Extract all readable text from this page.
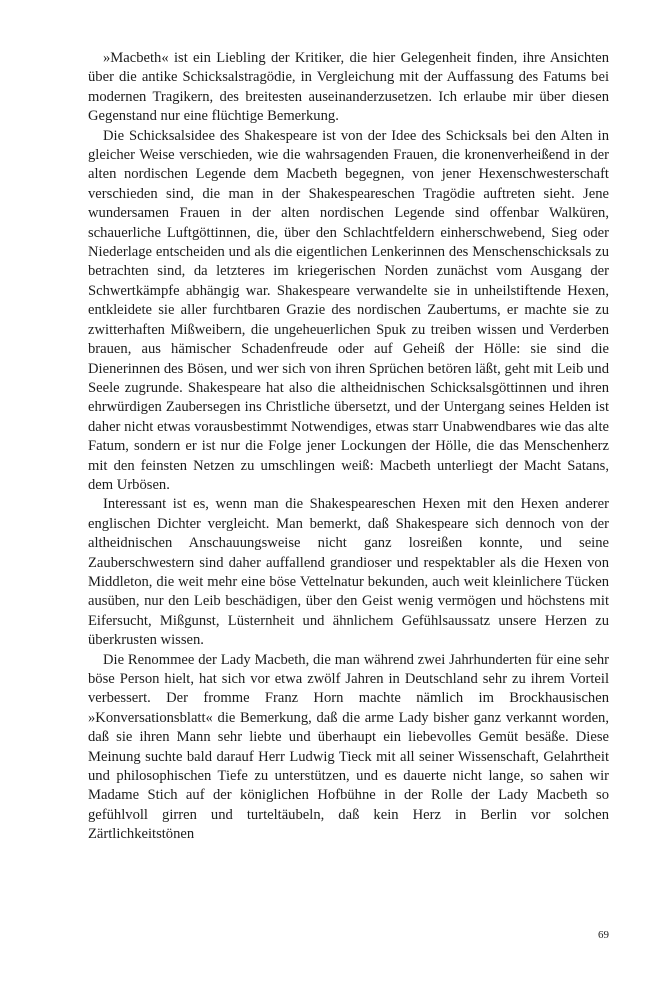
»Macbeth« ist ein Liebling der Kritiker, die hier Gelegenheit finden, ihre Ansichten über die antike Schicksalstragödie, in Vergleichung mit der Auffassung des Fatums bei modernen Tragikern, des breitesten auseinanderzusetzen. Ich erlaube mir über diesen Gegenstand nur eine flüchtige Bemerkung.

Die Schicksalsidee des Shakespeare ist von der Idee des Schicksals bei den Alten in gleicher Weise verschieden, wie die wahrsagenden Frauen, die kronenverheißend in der alten nordischen Legende dem Macbeth begegnen, von jener Hexenschwesterschaft verschieden sind, die man in der Shakespeareschen Tragödie auftreten sieht. Jene wundersamen Frauen in der alten nordischen Legende sind offenbar Walküren, schauerliche Luftgöttinnen, die, über den Schlachtfeldern einherschwebend, Sieg oder Niederlage entscheiden und als die eigentlichen Lenkerinnen des Menschenschicksals zu betrachten sind, da letzteres im kriegerischen Norden zunächst vom Ausgang der Schwertkämpfe abhängig war. Shakespeare verwandelte sie in unheilstiftende Hexen, entkleidete sie aller furchtbaren Grazie des nordischen Zaubertums, er machte sie zu zwitterhaften Mißweibern, die ungeheuerlichen Spuk zu treiben wissen und Verderben brauen, aus hämischer Schadenfreude oder auf Geheiß der Hölle: sie sind die Dienerinnen des Bösen, und wer sich von ihren Sprüchen betören läßt, geht mit Leib und Seele zugrunde. Shakespeare hat also die altheidnischen Schicksalsgöttinnen und ihren ehrwürdigen Zaubersegen ins Christliche übersetzt, und der Untergang seines Helden ist daher nicht etwas vorausbestimmt Notwendiges, etwas starr Unabwendbares wie das alte Fatum, sondern er ist nur die Folge jener Lockungen der Hölle, die das Menschenherz mit den feinsten Netzen zu umschlingen weiß: Macbeth unterliegt der Macht Satans, dem Urbösen.

Interessant ist es, wenn man die Shakespeareschen Hexen mit den Hexen anderer englischen Dichter vergleicht. Man bemerkt, daß Shakespeare sich dennoch von der altheidnischen Anschauungsweise nicht ganz losreißen konnte, und seine Zauberschwestern sind daher auffallend grandioser und respektabler als die Hexen von Middleton, die weit mehr eine böse Vettelnatur bekunden, auch weit kleinlichere Tücken ausüben, nur den Leib beschädigen, über den Geist wenig vermögen und höchstens mit Eifersucht, Mißgunst, Lüsternheit und ähnlichem Gefühlsaussatz unsere Herzen zu überkrusten wissen.

Die Renommee der Lady Macbeth, die man während zwei Jahrhunderten für eine sehr böse Person hielt, hat sich vor etwa zwölf Jahren in Deutschland sehr zu ihrem Vorteil verbessert. Der fromme Franz Horn machte nämlich im Brockhausischen »Konversationsblatt« die Bemerkung, daß die arme Lady bisher ganz verkannt worden, daß sie ihren Mann sehr liebte und überhaupt ein liebevolles Gemüt besäße. Diese Meinung suchte bald darauf Herr Ludwig Tieck mit all seiner Wissenschaft, Gelahrtheit und philosophischen Tiefe zu unterstützen, und es dauerte nicht lange, so sahen wir Madame Stich auf der königlichen Hofbühne in der Rolle der Lady Macbeth so gefühlvoll girren und turteltäubeln, daß kein Herz in Berlin vor solchen Zärtlichkeitstönen

69
